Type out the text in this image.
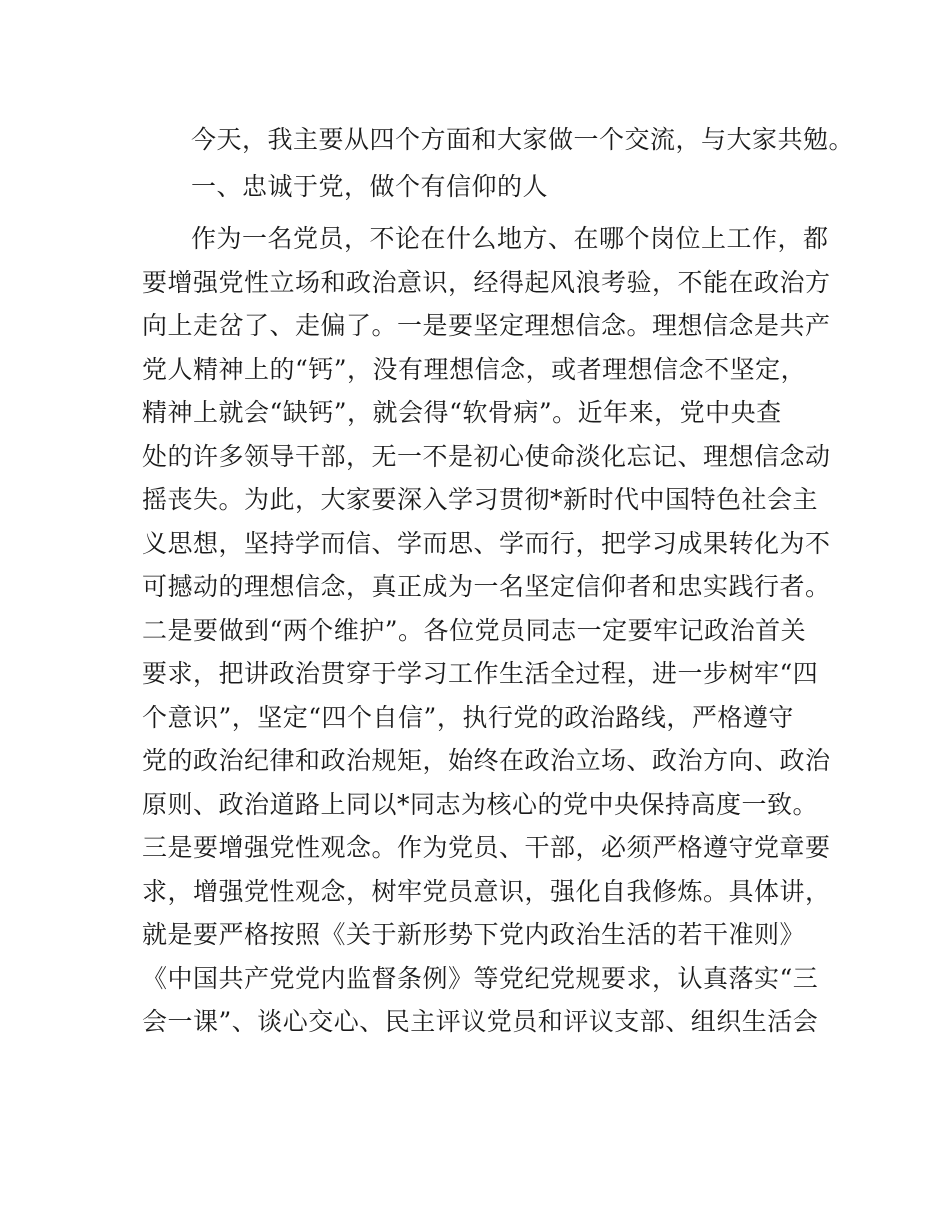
今天，我主要从四个方面和大家做一个交流，与大家共勉。
一、忠诚于党，做个有信仰的人
作为一名党员，不论在什么地方、在哪个岗位上工作，都
要增强党性立场和政治意识，经得起风浪考验，不能在政治方
向上走岔了、走偏了。一是要坚定理想信念。理想信念是共产
党人精神上的“钙”，没有理想信念，或者理想信念不坚定，
精神上就会“缺钙”，就会得“软骨病”。近年来，党中央查
处的许多领导干部，无一不是初心使命淡化忘记、理想信念动
摇丧失。为此，大家要深入学习贯彻*新时代中国特色社会主
义思想，坚持学而信、学而思、学而行，把学习成果转化为不
可撼动的理想信念，真正成为一名坚定信仰者和忠实践行者。
二是要做到“两个维护”。各位党员同志一定要牢记政治首关
要求，把讲政治贯穿于学习工作生活全过程，进一步树牢“四
个意识”，坚定“四个自信”，执行党的政治路线，严格遵守
党的政治纪律和政治规矩，始终在政治立场、政治方向、政治
原则、政治道路上同以*同志为核心的党中央保持高度一致。
三是要增强党性观念。作为党员、干部，必须严格遵守党章要
求，增强党性观念，树牢党员意识，强化自我修炼。具体讲，
就是要严格按照《关于新形势下党内政治生活的若干准则》
《中国共产党党内监督条例》等党纪党规要求，认真落实“三
会一课”、谈心交心、民主评议党员和评议支部、组织生活会
